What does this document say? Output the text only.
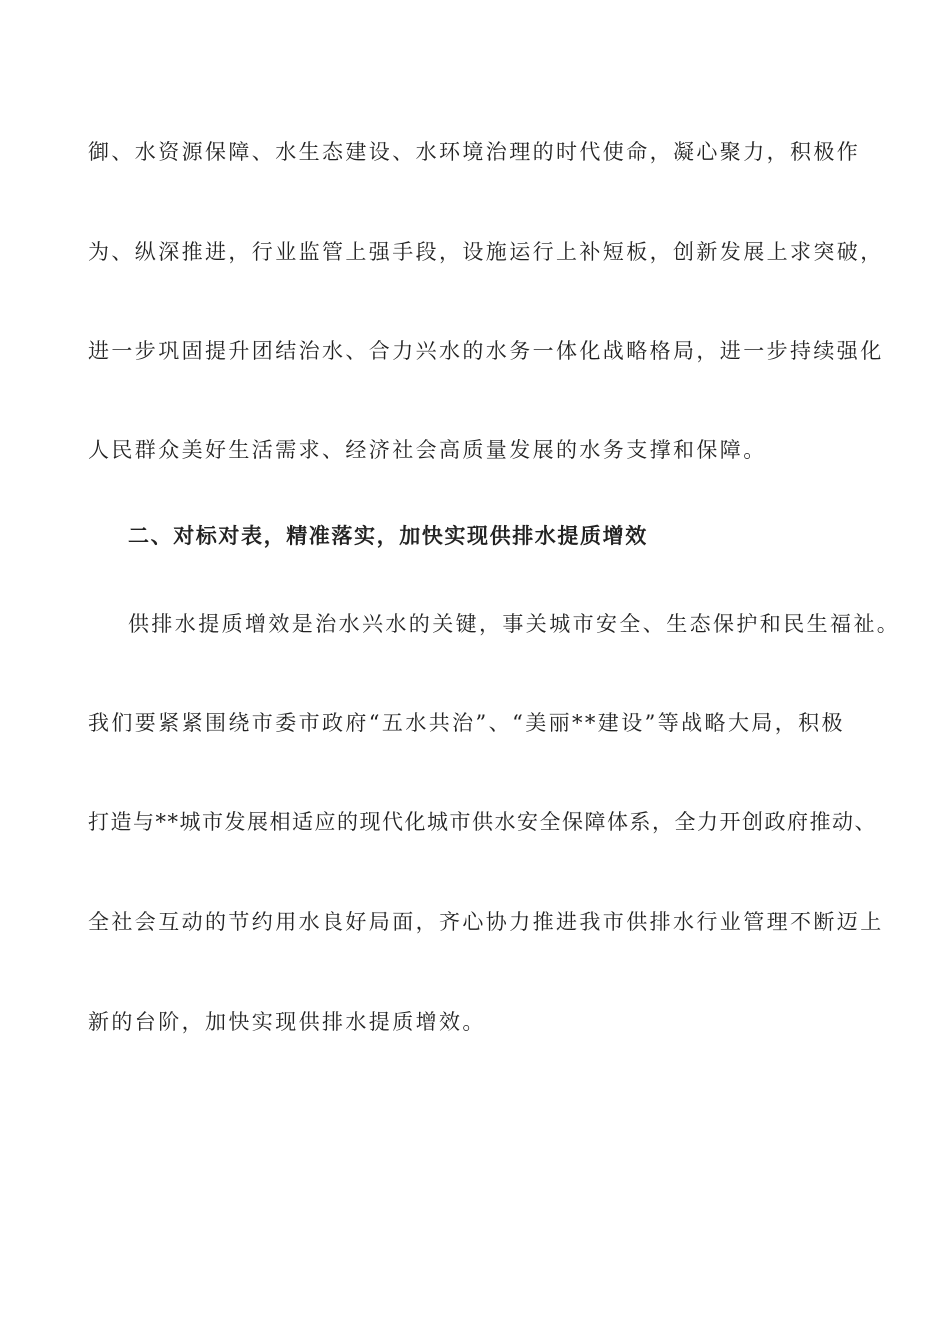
御、水资源保障、水生态建设、水环境治理的时代使命，凝心聚力，积极作
为、纵深推进，行业监管上强手段，设施运行上补短板，创新发展上求突破，
进一步巩固提升团结治水、合力兴水的水务一体化战略格局，进一步持续强化
人民群众美好生活需求、经济社会高质量发展的水务支撑和保障。
二、对标对表，精准落实，加快实现供排水提质增效
供排水提质增效是治水兴水的关键，事关城市安全、生态保护和民生福祉。
我们要紧紧围绕市委市政府“五水共治”、“美丽**建设”等战略大局，积极
打造与**城市发展相适应的现代化城市供水安全保障体系，全力开创政府推动、
全社会互动的节约用水良好局面，齐心协力推进我市供排水行业管理不断迈上
新的台阶，加快实现供排水提质增效。
